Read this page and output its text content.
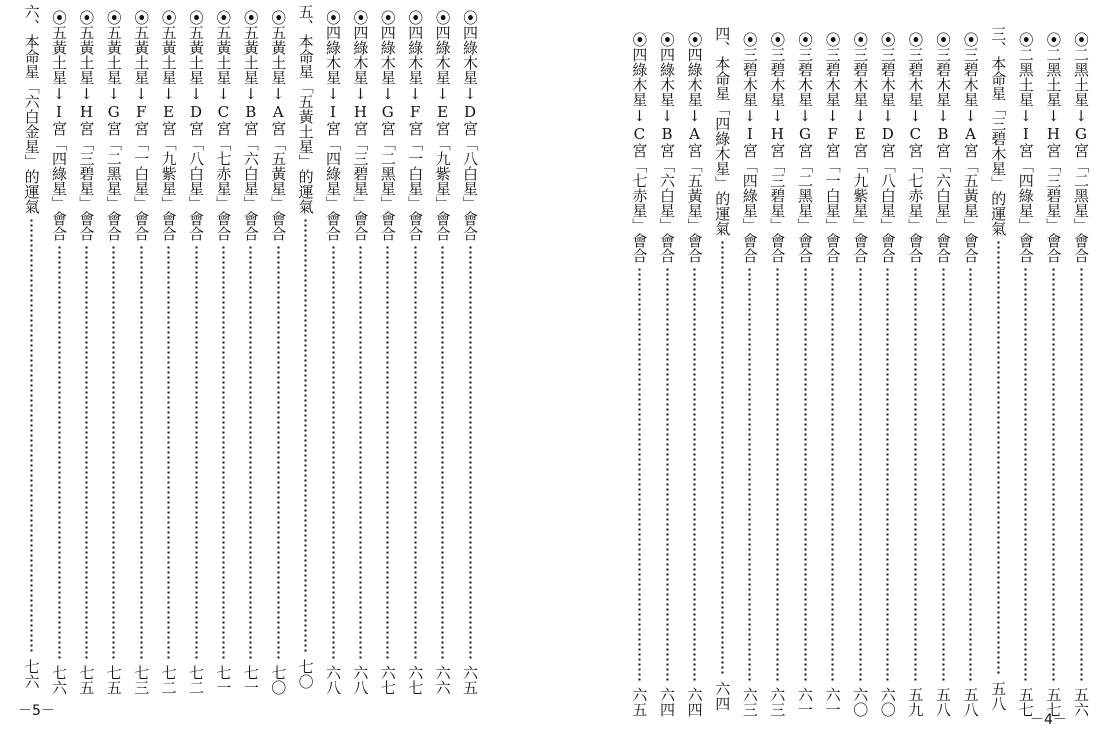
⦿四綠木星↓D宮「八白星」會合
六五
⦿四綠木星↓E宮「九紫星」會合
六六
⦿四綠木星↓F宮「一白星」會合
六七
⦿四綠木星↓G宮「二黑星」會合
六七
⦿四綠木星↓H宮「三碧星」會合
六八
⦿四綠木星↓I宮「四綠星」會合
六八
五、本命星「五黃土星」的運氣
七〇
⦿五黃土星↓A宮「五黃星」會合
七〇
⦿五黃土星↓B宮「六白星」會合
七一
⦿五黃土星↓C宮「七赤星」會合
七一
⦿五黃土星↓D宮「八白星」會合
七二
⦿五黃土星↓E宮「九紫星」會合
七二
⦿五黃土星↓F宮「一白星」會合
七三
⦿五黃土星↓G宮「二黑星」會合
七五
⦿五黃土星↓H宮「三碧星」會合
七五
⦿五黃土星↓I宮「四綠星」會合
七六
六、本命星「六白金星」的運氣
七六
⦿二黑土星↓G宮「二黑星」會合
五六
⦿二黑土星↓H宮「三碧星」會合
五七
⦿二黑土星↓I宮「四綠星」會合
五七
三、本命星「三碧木星」的運氣
五八
⦿三碧木星↓A宮「五黃星」會合
五八
⦿三碧木星↓B宮「六白星」會合
五八
⦿三碧木星↓C宮「七赤星」會合
五九
⦿三碧木星↓D宮「八白星」會合
六〇
⦿三碧木星↓E宮「九紫星」會合
六〇
⦿三碧木星↓F宮「一白星」會合
六一
⦿三碧木星↓G宮「二黑星」會合
六一
⦿三碧木星↓H宮「三碧星」會合
六三
⦿三碧木星↓I宮「四綠星」會合
六三
四、本命星「四綠木星」的運氣
六四
⦿四綠木星↓A宮「五黃星」會合
六四
⦿四綠木星↓B宮「六白星」會合
六四
⦿四綠木星↓C宮「七赤星」會合
六五
－5－
－4－
